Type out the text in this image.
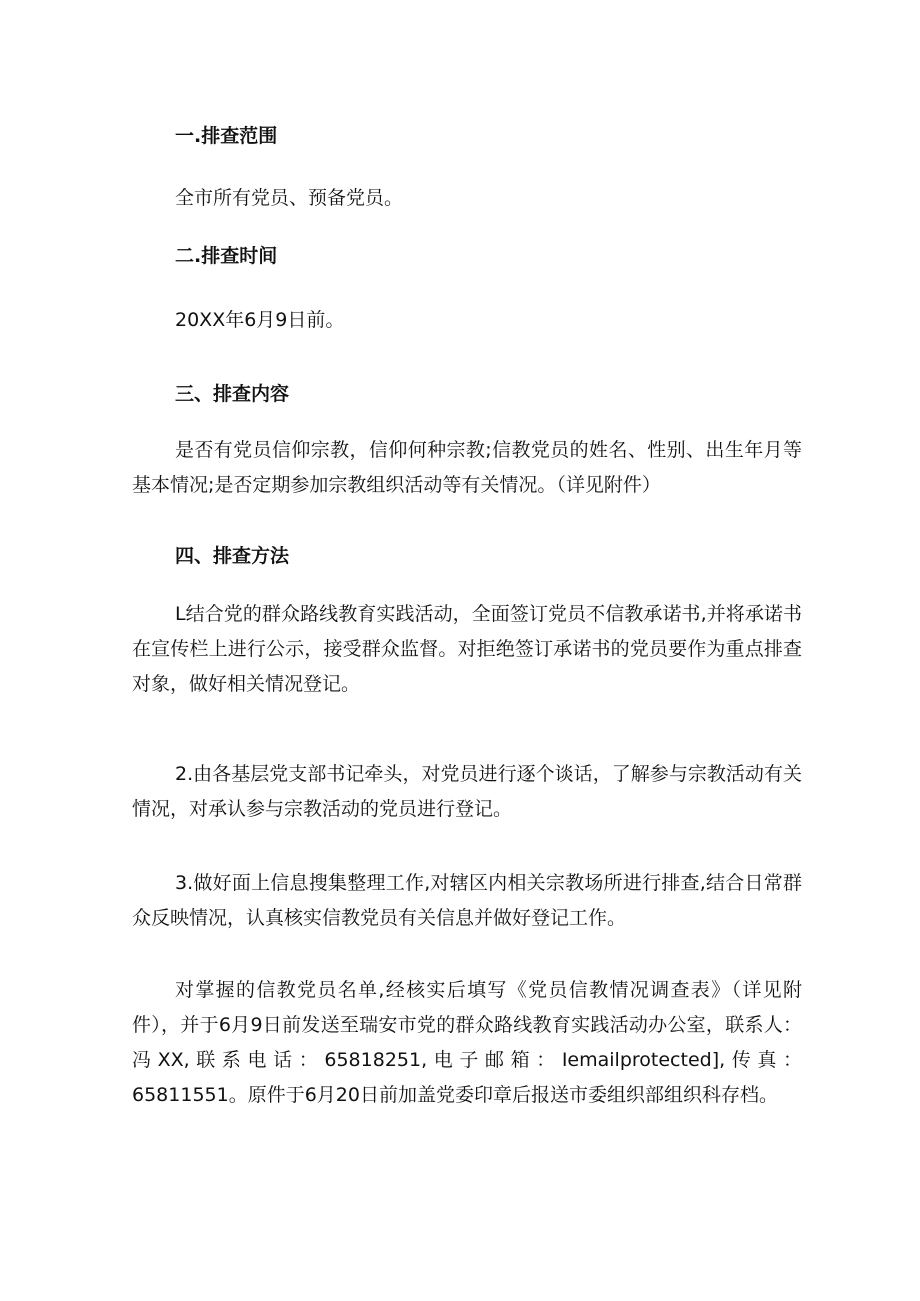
一.排查范围
全市所有党员、预备党员。
二.排查时间
20XX年6月9日前。
三、排查内容
是否有党员信仰宗教，信仰何种宗教;信教党员的姓名、性别、出生年月等基本情况;是否定期参加宗教组织活动等有关情况。（详见附件）
四、排查方法
L结合党的群众路线教育实践活动，全面签订党员不信教承诺书,并将承诺书在宣传栏上进行公示，接受群众监督。对拒绝签订承诺书的党员要作为重点排查对象，做好相关情况登记。
2.由各基层党支部书记牵头，对党员进行逐个谈话，了解参与宗教活动有关情况，对承认参与宗教活动的党员进行登记。
3.做好面上信息搜集整理工作,对辖区内相关宗教场所进行排查,结合日常群众反映情况，认真核实信教党员有关信息并做好登记工作。
对掌握的信教党员名单,经核实后填写《党员信教情况调查表》（详见附件），并于6月9日前发送至瑞安市党的群众路线教育实践活动办公室，联系人：冯XX,联系电话：65818251,电子邮箱：Iemailprotected],传真：65811551。原件于6月20日前加盖党委印章后报送市委组织部组织科存档。
